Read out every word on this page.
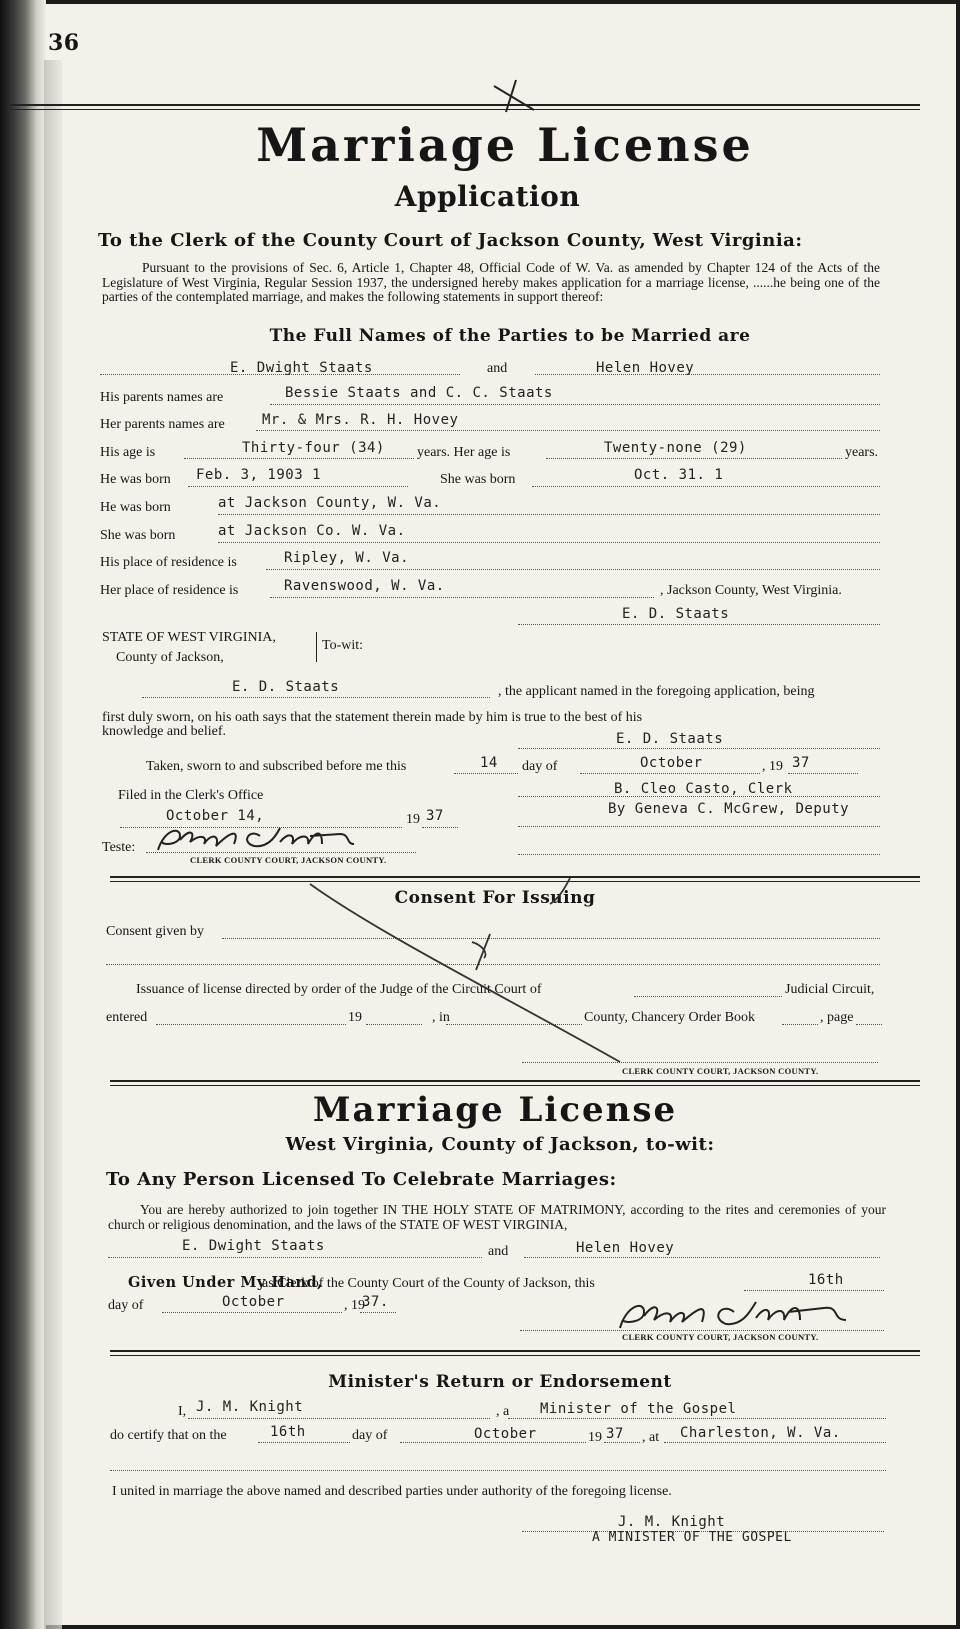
36
Marriage License
Application
To the Clerk of the County Court of Jackson County, West Virginia:
Pursuant to the provisions of Sec. 6, Article 1, Chapter 48, Official Code of W. Va. as amended by Chapter 124 of the Acts of the Legislature of West Virginia, Regular Session 1937, the undersigned hereby makes application for a marriage license, ......he being one of the parties of the contemplated marriage, and makes the following statements in support thereof:
The Full Names of the Parties to be Married are
E. Dwight Staats	and	Helen Hovey
His parents names are	Bessie Staats and C. C. Staats
Her parents names are	Mr. & Mrs. R. H. Hovey
His age is	Thirty-four (34) years. Her age is	Twenty-none (29)	years.
He was born Feb. 3, 1903 1	She was born	Oct. 31. 1
He was born	at Jackson County, W. Va.
She was born	at Jackson Co. W. Va.
His place of residence is	Ripley, W. Va.
Her place of residence is	Ravenswood, W. Va.	, Jackson County, West Virginia.
E. D. Staats
STATE OF WEST VIRGINIA,
County of Jackson,
To-wit:
E. D. Staats	, the applicant named in the foregoing application, being
first duly sworn, on his oath says that the statement therein made by him is true to the best of his
knowledge and belief.	E. D. Staats
Taken, sworn to and subscribed before me this	14 day of	October	, 19 37
Filed in the Clerk's Office	B. Cleo Casto, Clerk
By Geneva C. McGrew, Deputy
October 14,	19 37
Teste:
CLERK COUNTY COURT, JACKSON COUNTY.
Consent For Issuing
Consent given by
Issuance of license directed by order of the Judge of the Circuit Court of	Judicial Circuit,
entered	19	, in	County, Chancery Order Book	, page
CLERK COUNTY COURT, JACKSON COUNTY.
Marriage License
West Virginia, County of Jackson, to-wit:
To Any Person Licensed To Celebrate Marriages:
You are hereby authorized to join together IN THE HOLY STATE OF MATRIMONY, according to the rites and ceremonies of your church or religious denomination, and the laws of the STATE OF WEST VIRGINIA,
E. Dwight Staats	and	Helen Hovey
Given Under My Hand,
as Clerk of the County Court of the County of Jackson, this	16th
day of	October	, 19
37.
CLERK COUNTY COURT, JACKSON COUNTY.
Minister's Return or Endorsement
I, J. M. Knight	, a Minister of the Gospel
do certify that on the	16th	day of	October	19 37 , at Charleston, W. Va.
I united in marriage the above named and described parties under authority of the foregoing license.
J. M. Knight
A MINISTER OF THE GOSPEL
